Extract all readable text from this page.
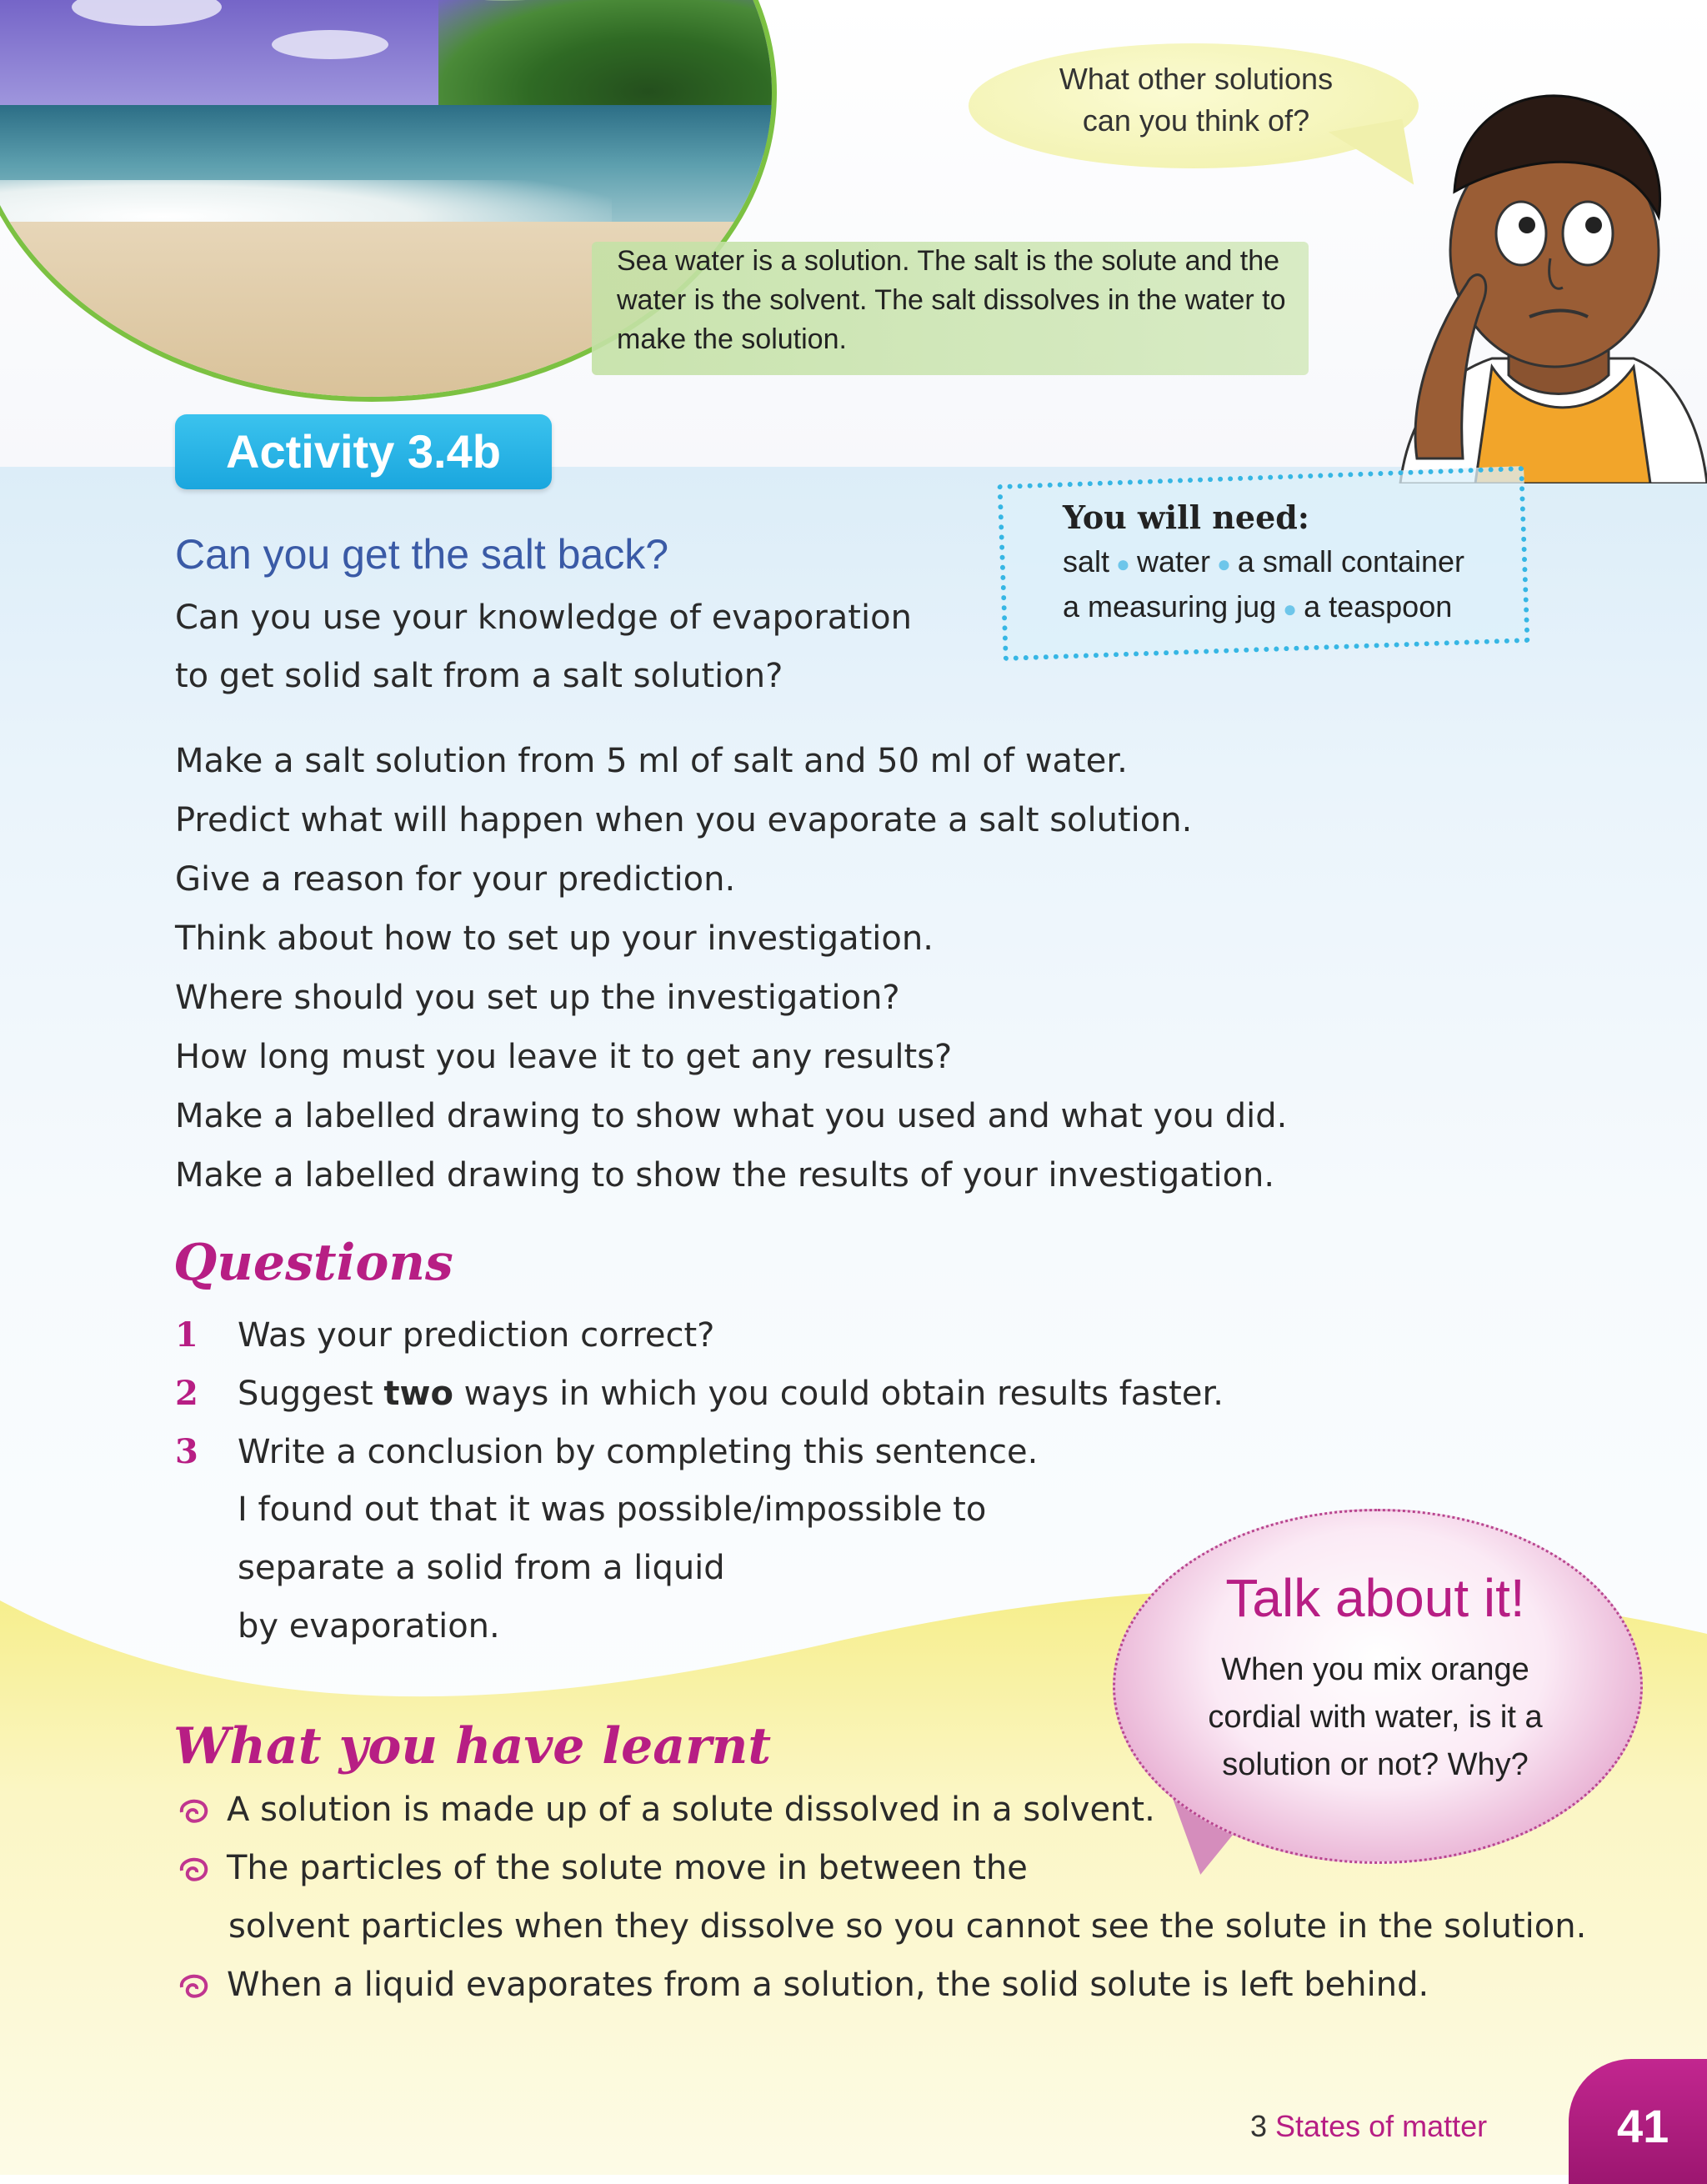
Sea water is a solution. The salt is the solute and the water is the solvent. The salt dissolves in the water to make the solution.

What other solutions
can you think of?
Activity 3.4b

You will need:

salt ● water ● a small container

a measuring jug ● a teaspoon

Can you get the salt back?

Can you use your knowledge of evaporation

to get solid salt from a salt solution?

Make a salt solution from 5 ml of salt and 50 ml of water.
Predict what will happen when you evaporate a salt solution.
Give a reason for your prediction.
Think about how to set up your investigation.
Where should you set up the investigation?
How long must you leave it to get any results?
Make a labelled drawing to show what you used and what you did.
Make a labelled drawing to show the results of your investigation.

Questions

1 Was your prediction correct?
2 Suggest two ways in which you could obtain results faster.
3 Write a conclusion by completing this sentence.

I found out that it was possible/impossible to

separate a solid from a liquid

by evaporation.	Talk about it!

When you mix orange
cordial with water, is it a
solution or not? Why?

What you have learnt

A solution is made up of a solute dissolved in a solvent.

The particles of the solute move in between the

solvent particles when they dissolve so you cannot see the solute in the solution.

When a liquid evaporates from a solution, the solid solute is left behind.

3 States of matter	41
